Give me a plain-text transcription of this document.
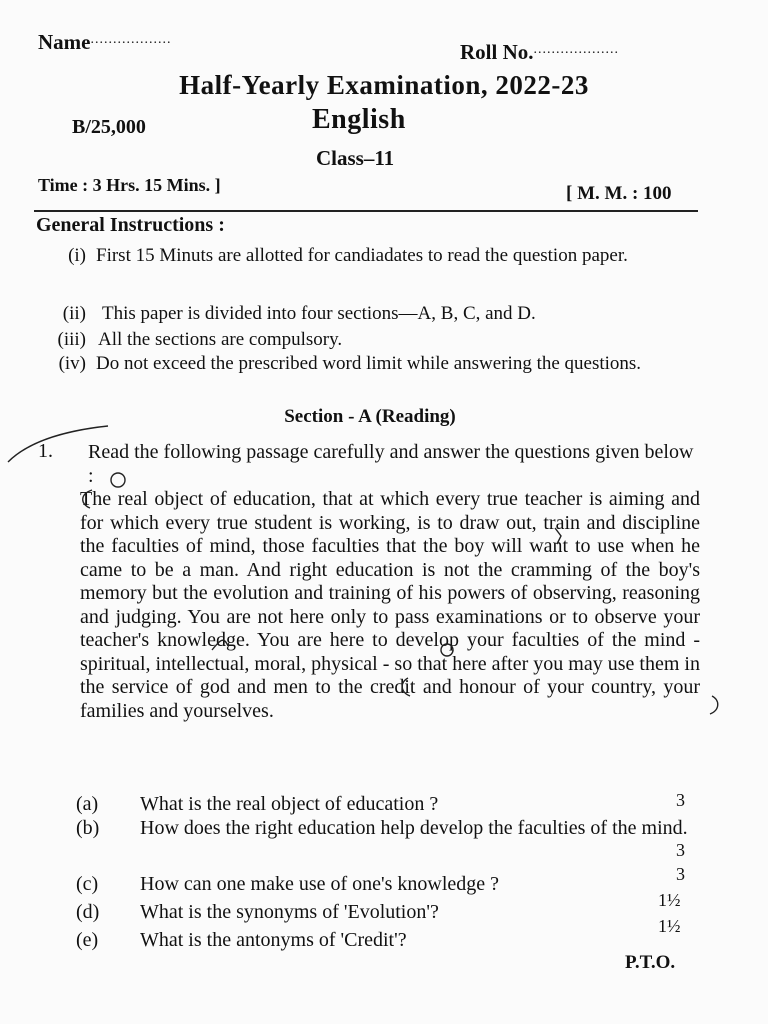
Name..................
Roll No....................
Half-Yearly Examination, 2022-23
B/25,000	English
Class–11
Time : 3 Hrs. 15 Mins. ]	[ M. M. : 100
General Instructions :
(i) First 15 Minuts are allotted for candiadates to read the question paper.
(ii) This paper is divided into four sections—A, B, C, and D.
(iii) All the sections are compulsory.
(iv) Do not exceed the prescribed word limit while answering the questions.
Section - A (Reading)
1. Read the following passage carefully and answer the questions given below :
The real object of education, that at which every true teacher is aiming and for which every true student is working, is to draw out, train and discipline the faculties of mind, those faculties that the boy will want to use when he came to be a man. And right education is not the cramming of the boy's memory but the evolution and training of his powers of observing, reasoning and judging. You are not here only to pass examinations or to observe your teacher's knowledge. You are here to develop your faculties of the mind - spiritual, intellectual, moral, physical - so that here after you may use them in the service of god and men to the credit and honour of your country, your families and yourselves.
(a) What is the real object of education ?
(b) How does the right education help develop the faculties of the mind.
(c) How can one make use of one's knowledge ?
(d) What is the synonyms of 'Evolution'?
(e) What is the antonyms of 'Credit'?
3
3
3
1½
1½
P.T.O.
